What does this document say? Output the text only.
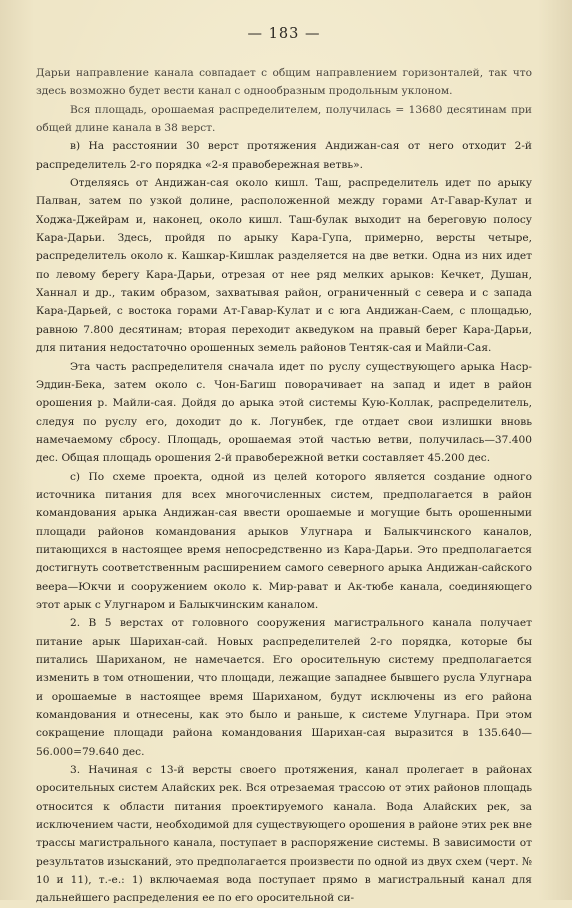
— 183 —

Дарьи направление канала совпадает с общим направлением горизонталей, так что здесь возможно будет вести канал с однообразным продольным уклоном.

Вся площадь, орошаемая распределителем, получилась = 13680 десятинам при общей длине канала в 38 верст.

в) На расстоянии 30 верст протяжения Андижан-сая от него отходит 2-й распределитель 2-го порядка «2-я правобережная ветвь».

Отделяясь от Андижан-сая около кишл. Таш, распределитель идет по арыку Палван, затем по узкой долине, расположенной между горами Ат-Гавар-Кулат и Ходжа-Джейрам и, наконец, около кишл. Таш-булак выходит на береговую полосу Кара-Дарьи. Здесь, пройдя по арыку Кара-Гупа, примерно, версты четыре, распределитель около к. Кашкар-Кишлак разделяется на две ветки. Одна из них идет по левому берегу Кара-Дарьи, отрезая от нее ряд мелких арыков: Кечкет, Душан, Ханнал и др., таким образом, захватывая район, ограниченный с севера и с запада Кара-Дарьей, с востока горами Ат-Гавар-Кулат и с юга Андижан-Саем, с площадью, равною 7.800 десятинам; вторая переходит акведуком на правый берег Кара-Дарьи, для питания недостаточно орошенных земель районов Тентяк-сая и Майли-Сая.

Эта часть распределителя сначала идет по руслу существующего арыка Наср-Эддин-Бека, затем около с. Чон-Багиш поворачивает на запад и идет в район орошения р. Майли-сая. Дойдя до арыка этой системы Кую-Коллак, распределитель, следуя по руслу его, доходит до к. Логунбек, где отдает свои излишки вновь намечаемому сбросу. Площадь, орошаемая этой частью ветви, получилась—37.400 дес. Общая площадь орошения 2-й правобережной ветки составляет 45.200 дес.

с) По схеме проекта, одной из целей которого является создание одного источника питания для всех многочисленных систем, предполагается в район командования арыка Андижан-сая ввести орошаемые и могущие быть орошенными площади районов командования арыков Улугнара и Балыкчинского каналов, питающихся в настоящее время непосредственно из Кара-Дарьи. Это предполагается достигнуть соответственным расширением самого северного арыка Андижан-сайского веера—Юкчи и сооружением около к. Мир-рават и Ак-тюбе канала, соединяющего этот арык с Улугнаром и Балыкчинским каналом.

2. В 5 верстах от головного сооружения магистрального канала получает питание арык Шарихан-сай. Новых распределителей 2-го порядка, которые бы питались Шариханом, не намечается. Его оросительную систему предполагается изменить в том отношении, что площади, лежащие западнее бывшего русла Улугнара и орошаемые в настоящее время Шариханом, будут исключены из его района командования и отнесены, как это было и раньше, к системе Улугнара. При этом сокращение площади района командования Шарихан-сая выразится в 135.640—56.000=79.640 дес.

3. Начиная с 13-й версты своего протяжения, канал пролегает в районах оросительных систем Алайских рек. Вся отрезаемая трассою от этих районов площадь относится к области питания проектируемого канала. Вода Алайских рек, за исключением части, необходимой для существующего орошения в районе этих рек вне трассы магистрального канала, поступает в распоряжение системы. В зависимости от результатов изысканий, это предполагается произвести по одной из двух схем (черт. № 10 и 11), т.-е.: 1) включаемая вода поступает прямо в магистральный канал для дальнейшего распределения ее по его оросительной си-
